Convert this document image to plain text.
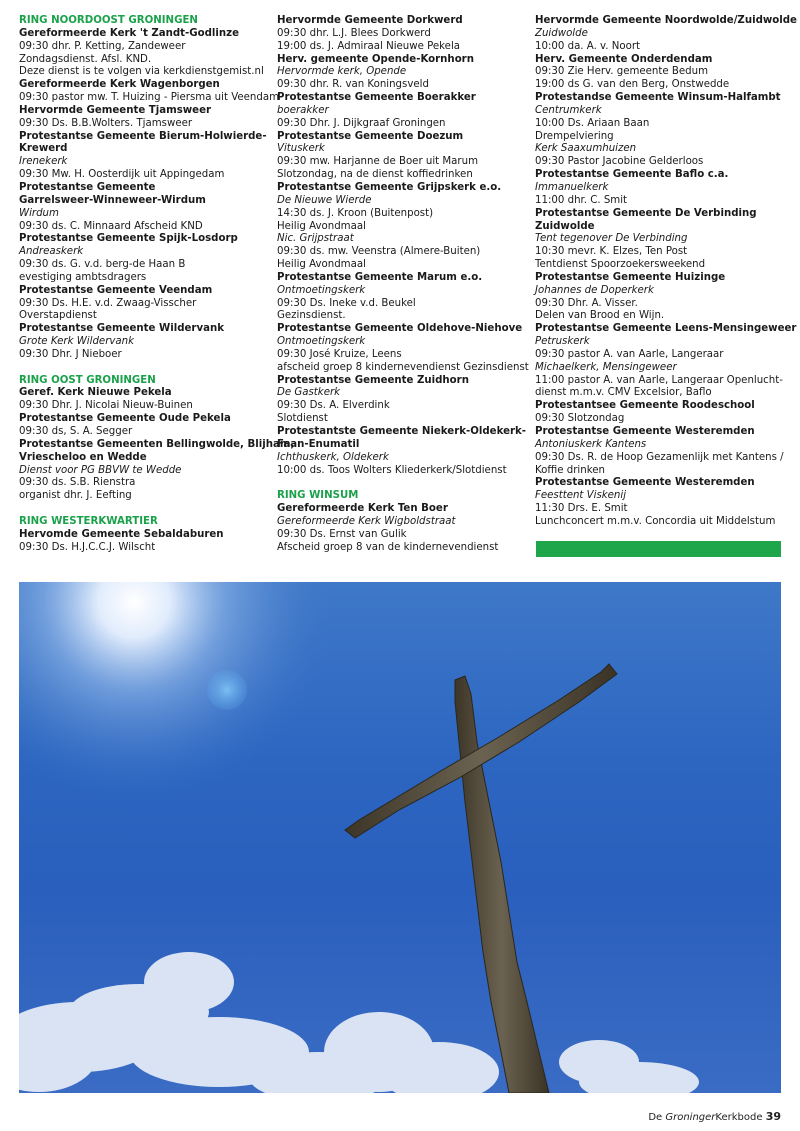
RING NOORDOOST GRONINGEN
Gereformeerde Kerk 't Zandt-Godlinze
09:30 dhr. P. Ketting, Zandeweer
Zondagsdienst. Afsl. KND.
Deze dienst is te volgen via kerkdienstgemist.nl
Gereformeerde Kerk Wagenborgen
09:30 pastor mw. T. Huizing - Piersma uit Veendam
Hervormde Gemeente Tjamsweer
09:30 Ds. B.B.Wolters. Tjamsweer
Protestantse Gemeente Bierum-Holwierde-
Krewerd
Irenekerk
09:30 Mw. H. Oosterdijk uit Appingedam
Protestantse Gemeente
Garrelsweer-Winneweer-Wirdum
Wirdum
09:30 ds. C. Minnaard Afscheid KND
Protestantse Gemeente Spijk-Losdorp
Andreaskerk
09:30 ds. G. v.d. berg-de Haan B
evestiging ambtsdragers
Protestantse Gemeente Veendam
09:30 Ds. H.E. v.d. Zwaag-Visscher
Overstapdienst
Protestantse Gemeente Wildervank
Grote Kerk Wildervank
09:30 Dhr. J Nieboer
RING OOST GRONINGEN
Geref. Kerk Nieuwe Pekela
09:30 Dhr. J. Nicolai Nieuw-Buinen
Protestantse Gemeente Oude Pekela
09:30 ds, S. A. Segger
Protestantse Gemeenten Bellingwolde, Blijham,
Vriescheloo en Wedde
Dienst voor PG BBVW te Wedde
09:30 ds. S.B. Rienstra
organist dhr. J. Eefting
RING WESTERKWARTIER
Hervomde Gemeente Sebaldaburen
09:30 Ds. H.J.C.C.J. Wilscht
Hervormde Gemeente Dorkwerd
09:30 dhr. L.J. Blees Dorkwerd
19:00 ds. J. Admiraal Nieuwe Pekela
Herv. gemeente Opende-Kornhorn
Hervormde kerk, Opende
09:30 dhr. R. van Koningsveld
Protestantse Gemeente Boerakker
boerakker
09:30 Dhr. J. Dijkgraaf Groningen
Protestantse Gemeente Doezum
Vituskerk
09:30 mw. Harjanne de Boer uit Marum
Slotzondag, na de dienst koffiedrinken
Protestantse Gemeente Grijpskerk e.o.
De Nieuwe Wierde
14:30 ds. J. Kroon (Buitenpost)
Heilig Avondmaal
Nic. Grijpstraat
09:30 ds. mw. Veenstra (Almere-Buiten)
Heilig Avondmaal
Protestantse Gemeente Marum e.o.
Ontmoetingskerk
09:30 Ds. Ineke v.d. Beukel
Gezinsdienst.
Protestantse Gemeente Oldehove-Niehove
Ontmoetingskerk
09:30 José Kruize, Leens
afscheid groep 8 kindernevendienst Gezinsdienst
Protestantse Gemeente Zuidhorn
De Gastkerk
09:30 Ds. A. Elverdink
Slotdienst
Protestantste Gemeente Niekerk-Oldekerk-
Faan-Enumatil
Ichthuskerk, Oldekerk
10:00 ds. Toos Wolters Kliederkerk/Slotdienst
RING WINSUM
Gereformeerde Kerk Ten Boer
Gereformeerde Kerk Wigboldstraat
09:30 Ds. Ernst van Gulik
Afscheid groep 8 van de kindernevendienst
Hervormde Gemeente Noordwolde/Zuidwolde
Zuidwolde
10:00 da. A. v. Noort
Herv. Gemeente Onderdendam
09:30 Zie Herv. gemeente Bedum
19:00 ds G. van den Berg, Onstwedde
Protestandse Gemeente Winsum-Halfambt
Centrumkerk
10:00 Ds. Ariaan Baan
Drempelviering
Kerk Saaxumhuizen
09:30 Pastor Jacobine Gelderloos
Protestantse Gemeente Baflo c.a.
Immanuelkerk
11:00 dhr. C. Smit
Protestantse Gemeente De Verbinding
Zuidwolde
Tent tegenover De Verbinding
10:30 mevr. K. Elzes, Ten Post
Tentdienst Spoorzoekersweekend
Protestantse Gemeente Huizinge
Johannes de Doperkerk
09:30 Dhr. A. Visser.
Delen van Brood en Wijn.
Protestantse Gemeente Leens-Mensingeweer
Petruskerk
09:30 pastor A. van Aarle, Langeraar
Michaelkerk, Mensingeweer
11:00 pastor A. van Aarle, Langeraar Openlucht-
dienst m.m.v. CMV Excelsior, Baflo
Protestantsee Gemeente Roodeschool
09:30 Slotzondag
Protestantse Gemeente Westeremden
Antoniuskerk Kantens
09:30 Ds. R. de Hoop Gezamenlijk met Kantens /
Koffie drinken
Protestantse Gemeente Westeremden
Feesttent Viskenij
11:30 Drs. E. Smit
Lunchconcert m.m.v. Concordia uit Middelstum
De GroningerKerkbode 39
